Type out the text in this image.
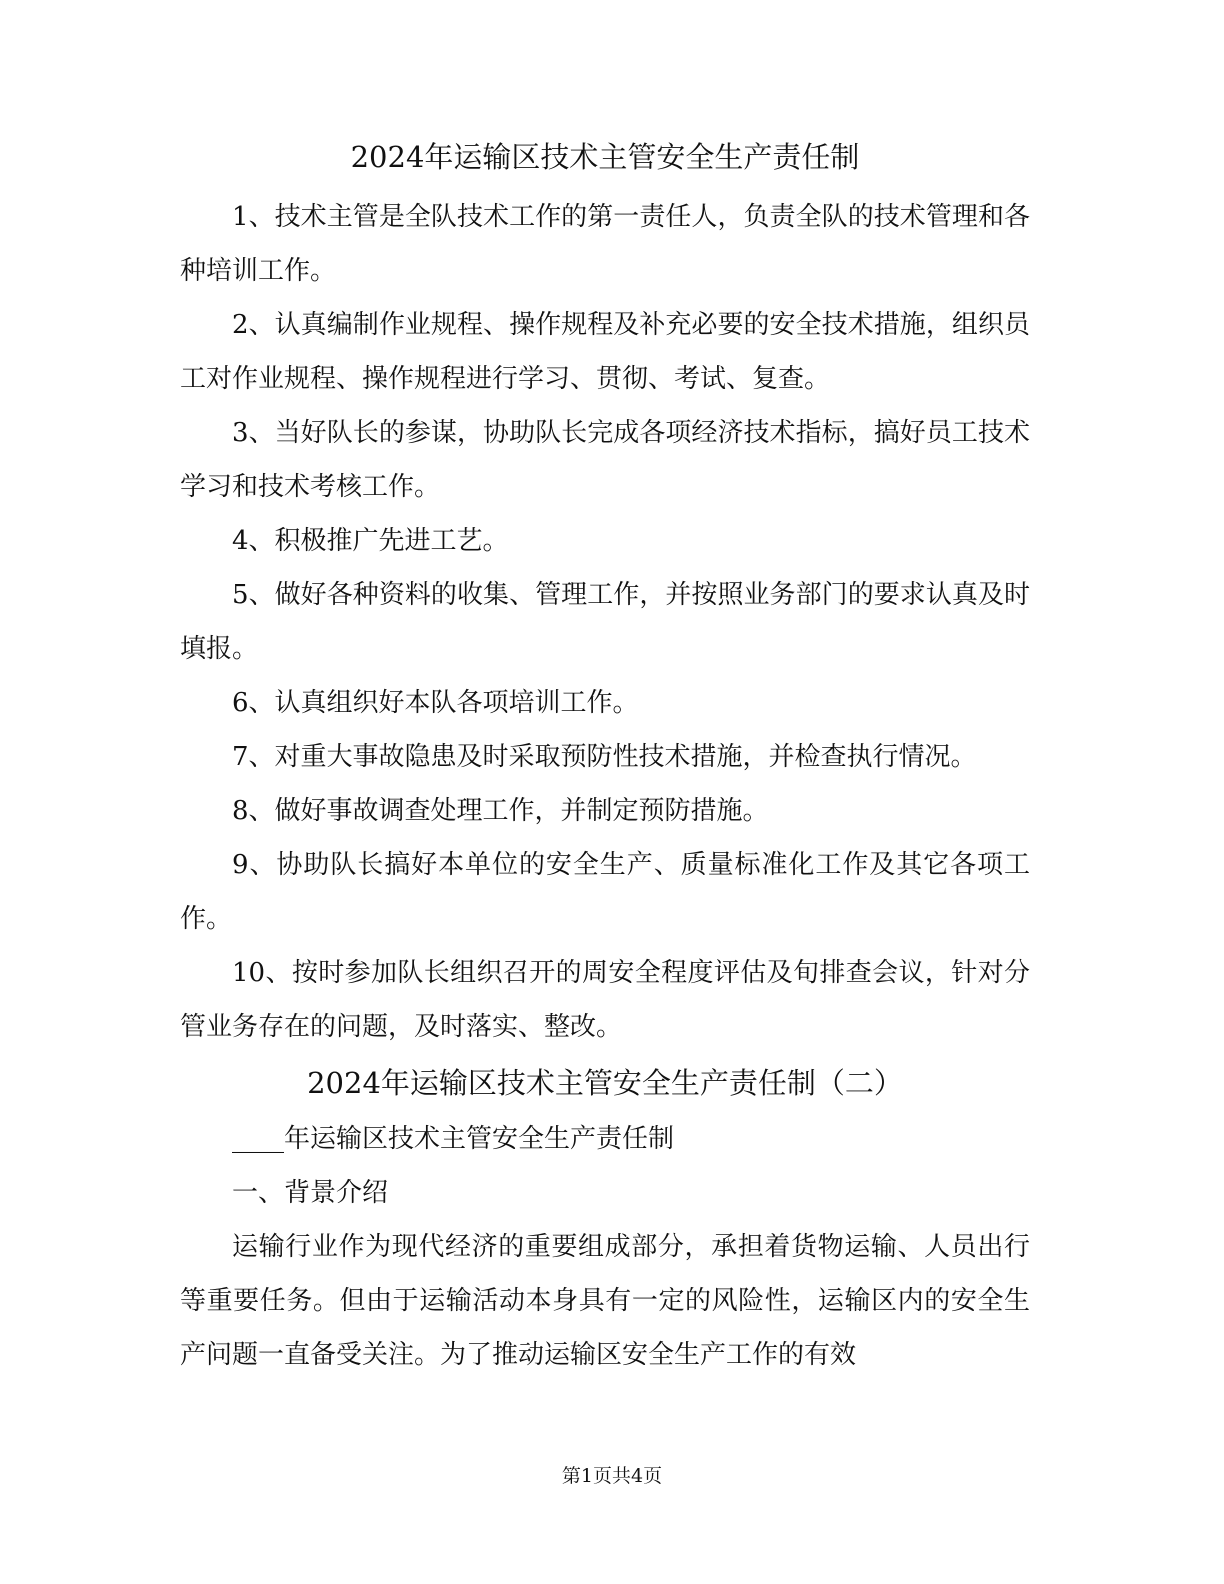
2024年运输区技术主管安全生产责任制

1、技术主管是全队技术工作的第一责任人，负责全队的技术管理和各种培训工作。

2、认真编制作业规程、操作规程及补充必要的安全技术措施，组织员工对作业规程、操作规程进行学习、贯彻、考试、复查。

3、当好队长的参谋，协助队长完成各项经济技术指标，搞好员工技术学习和技术考核工作。

4、积极推广先进工艺。

5、做好各种资料的收集、管理工作，并按照业务部门的要求认真及时填报。

6、认真组织好本队各项培训工作。

7、对重大事故隐患及时采取预防性技术措施，并检查执行情况。

8、做好事故调查处理工作，并制定预防措施。

9、协助队长搞好本单位的安全生产、质量标准化工作及其它各项工作。

10、按时参加队长组织召开的周安全程度评估及旬排查会议，针对分管业务存在的问题，及时落实、整改。

2024年运输区技术主管安全生产责任制（二）

____年运输区技术主管安全生产责任制

一、背景介绍

运输行业作为现代经济的重要组成部分，承担着货物运输、人员出行等重要任务。但由于运输活动本身具有一定的风险性，运输区内的安全生产问题一直备受关注。为了推动运输区安全生产工作的有效

第1页共4页
